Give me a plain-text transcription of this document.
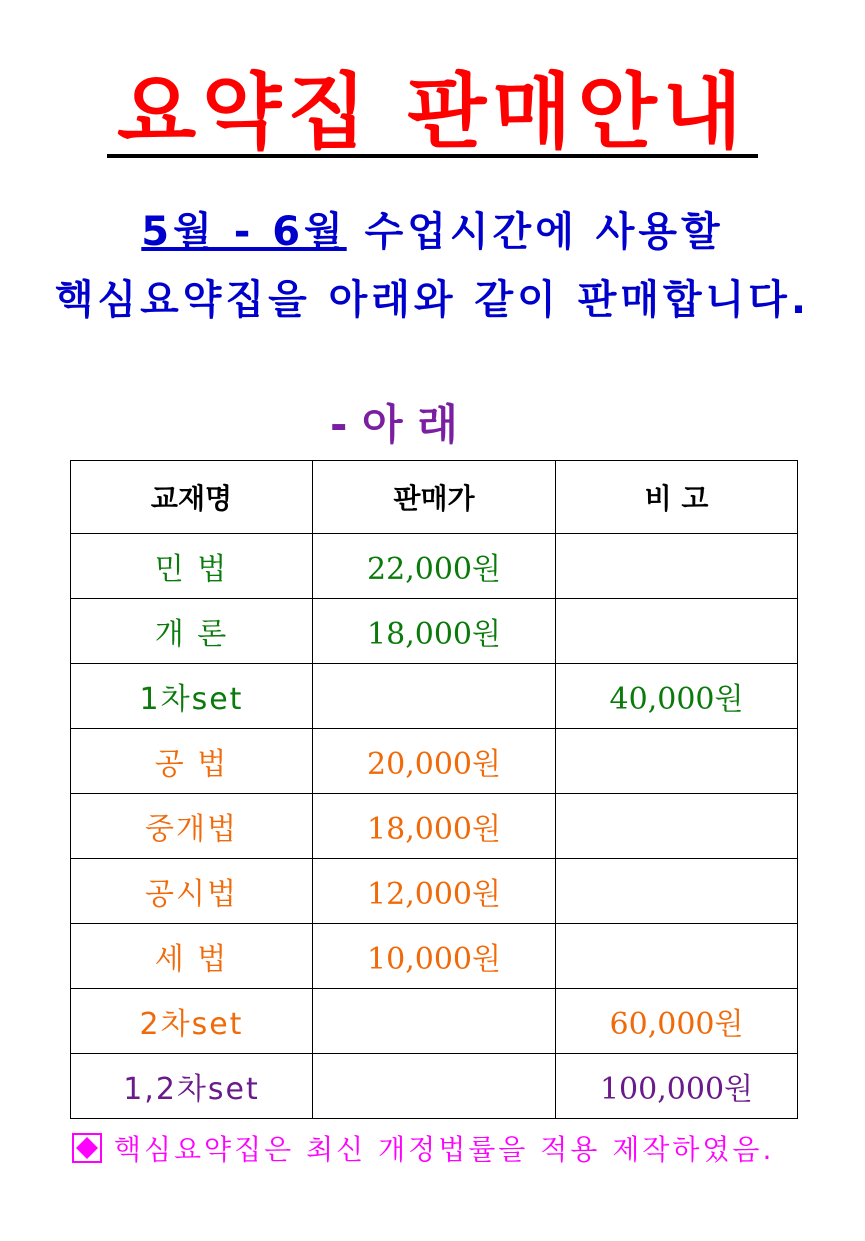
요약집 판매안내
5월 - 6월 수업시간에 사용할
핵심요약집을 아래와 같이 판매합니다.
- 아 래
교재명	판매가	비 고
민 법	22,000원	
개 론	18,000원	
1차set		40,000원
공 법	20,000원	
중개법	18,000원	
공시법	12,000원	
세 법	10,000원	
2차set		60,000원
1,2차set		100,000원
핵심요약집은 최신 개정법률을 적용 제작하였음.
